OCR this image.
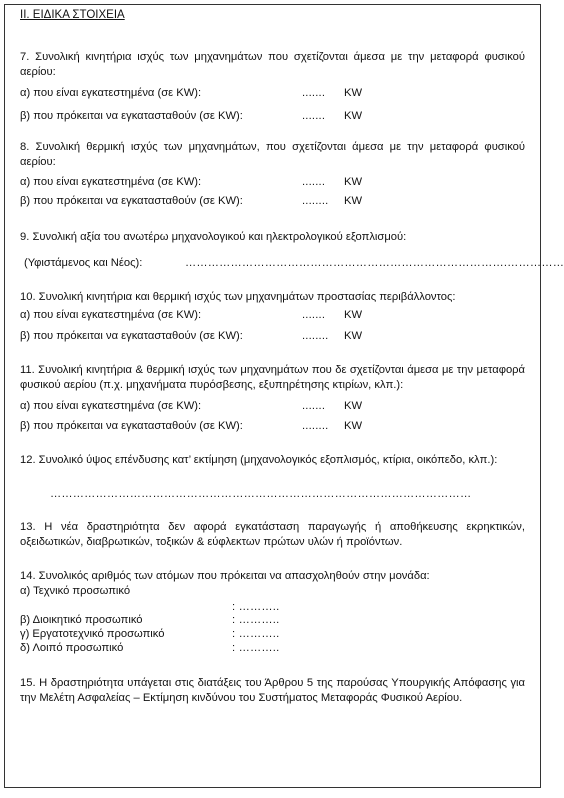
II. ΕΙΔΙΚΑ ΣΤΟΙΧΕΙΑ
7. Συνολική κινητήρια ισχύς των μηχανημάτων που σχετίζονται άμεσα με την μεταφορά φυσικού αερίου:
α) που είναι εγκατεστημένα (σε KW):	....... KW
β) που πρόκειται να εγκατασταθούν (σε KW):	....... KW
8. Συνολική θερμική ισχύς των μηχανημάτων, που σχετίζονται άμεσα με την μεταφορά φυσικού αερίου:
α) που είναι εγκατεστημένα (σε KW):	....... KW
β) που πρόκειται να εγκατασταθούν (σε KW):	........ KW
9. Συνολική αξία του ανωτέρω μηχανολογικού και ηλεκτρολογικού εξοπλισμού:
(Υφιστάμενος και Νέος):	………………………………………………………………………….……………
10. Συνολική κινητήρια και θερμική ισχύς των μηχανημάτων προστασίας περιβάλλοντος:
α) που είναι εγκατεστημένα (σε KW):	....... KW
β) που πρόκειται να εγκατασταθούν (σε KW):	........ KW
11. Συνολική κινητήρια & θερμική ισχύς των μηχανημάτων που δε σχετίζονται άμεσα με την μεταφορά φυσικού αερίου (π.χ. μηχανήματα πυρόσβεσης, εξυπηρέτησης κτιρίων, κλπ.):
α) που είναι εγκατεστημένα (σε KW):	....... KW
β) που πρόκειται να εγκατασταθούν (σε KW):	........ KW
12. Συνολικό ύψος επένδυσης κατ’ εκτίμηση (μηχανολογικός εξοπλισμός, κτίρια, οικόπεδο, κλπ.):
…………………………………………………………………………………………………
13. Η νέα δραστηριότητα δεν αφορά εγκατάσταση παραγωγής ή αποθήκευσης εκρηκτικών, οξειδωτικών, διαβρωτικών, τοξικών & εύφλεκτων πρώτων υλών ή προϊόντων.
14. Συνολικός αριθμός των ατόμων που πρόκειται να απασχοληθούν στην μονάδα:
α) Τεχνικό προσωπικό
: ………..
β) Διοικητικό προσωπικό	: ………..
γ) Εργατοτεχνικό προσωπικό	: ………..
δ) Λοιπό προσωπικό	: ………..
15. Η δραστηριότητα υπάγεται στις διατάξεις του Άρθρου 5 της παρούσας Υπουργικής Απόφασης για την Μελέτη Ασφαλείας – Εκτίμηση κινδύνου του Συστήματος Μεταφοράς Φυσικού Αερίου.
